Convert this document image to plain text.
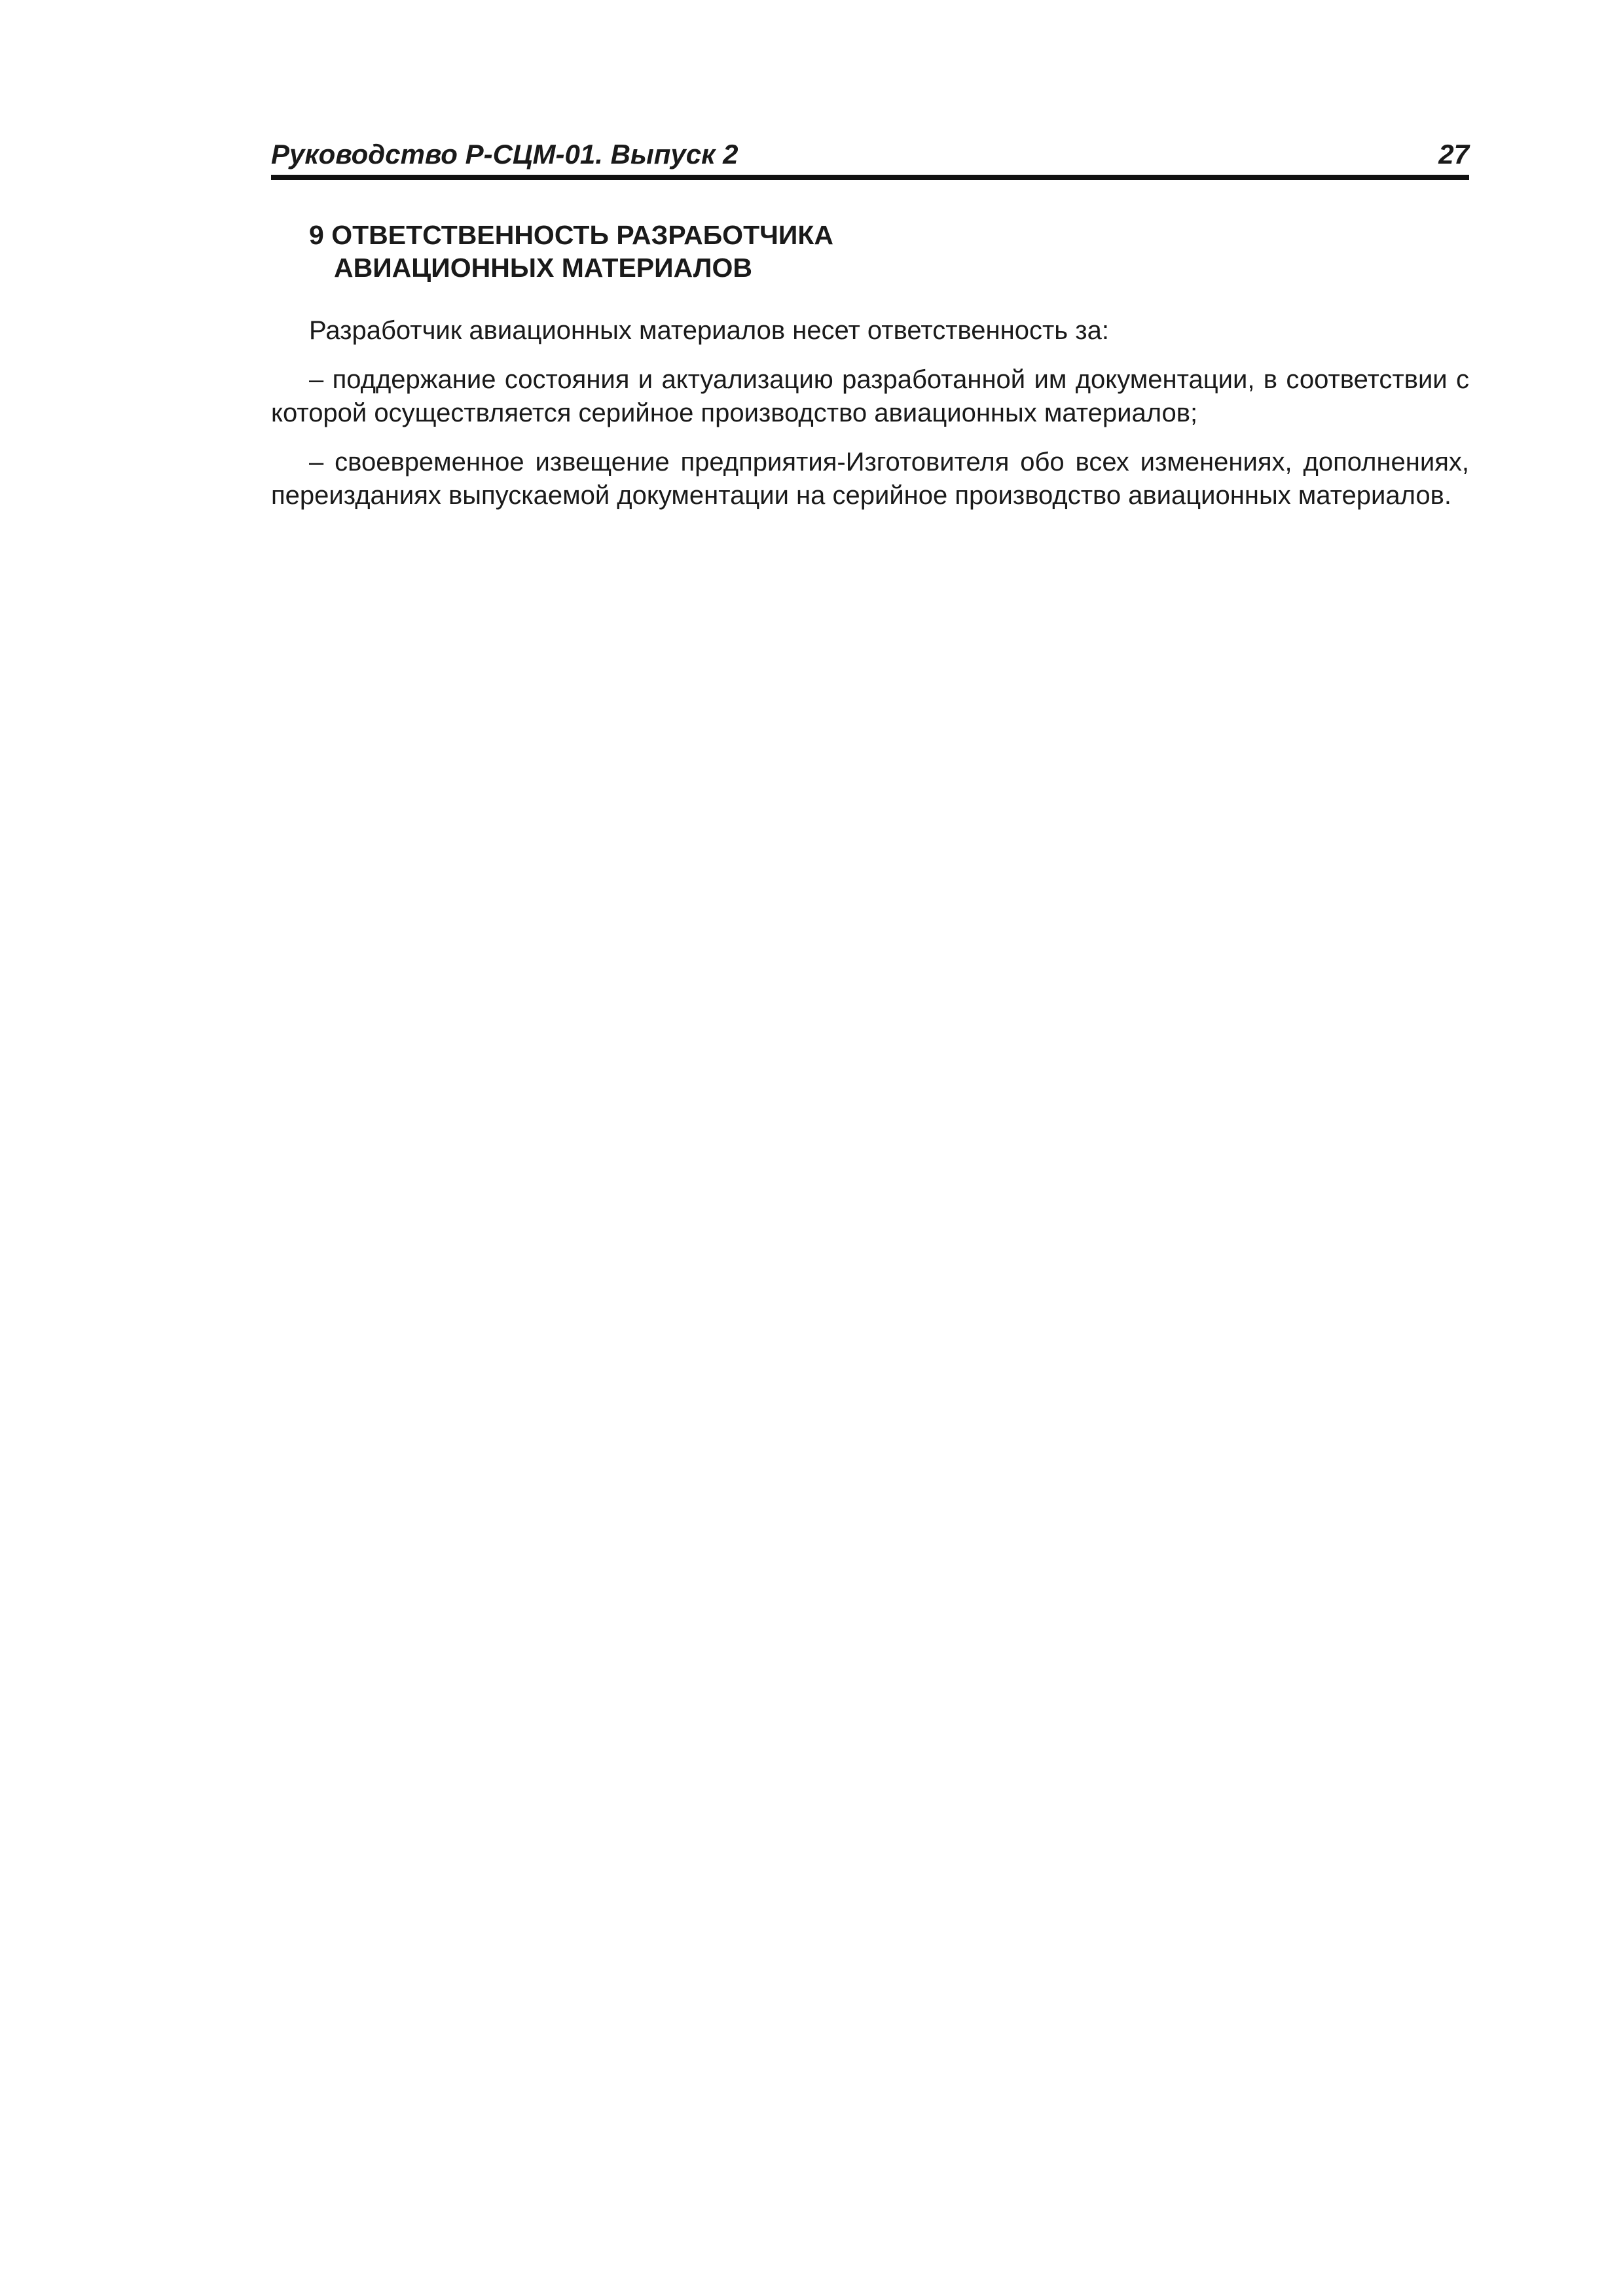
Руководство Р-СЦМ-01. Выпуск 2	27
9 ОТВЕТСТВЕННОСТЬ РАЗРАБОТЧИКА
АВИАЦИОННЫХ МАТЕРИАЛОВ

Разработчик авиационных материалов несет ответственность за:

– поддержание состояния и актуализацию разработанной им документации, в соответствии с которой осуществляется серийное производство авиационных материалов;

– своевременное извещение предприятия-Изготовителя обо всех изменениях, дополнениях, переизданиях выпускаемой документации на серийное производство авиационных материалов.
